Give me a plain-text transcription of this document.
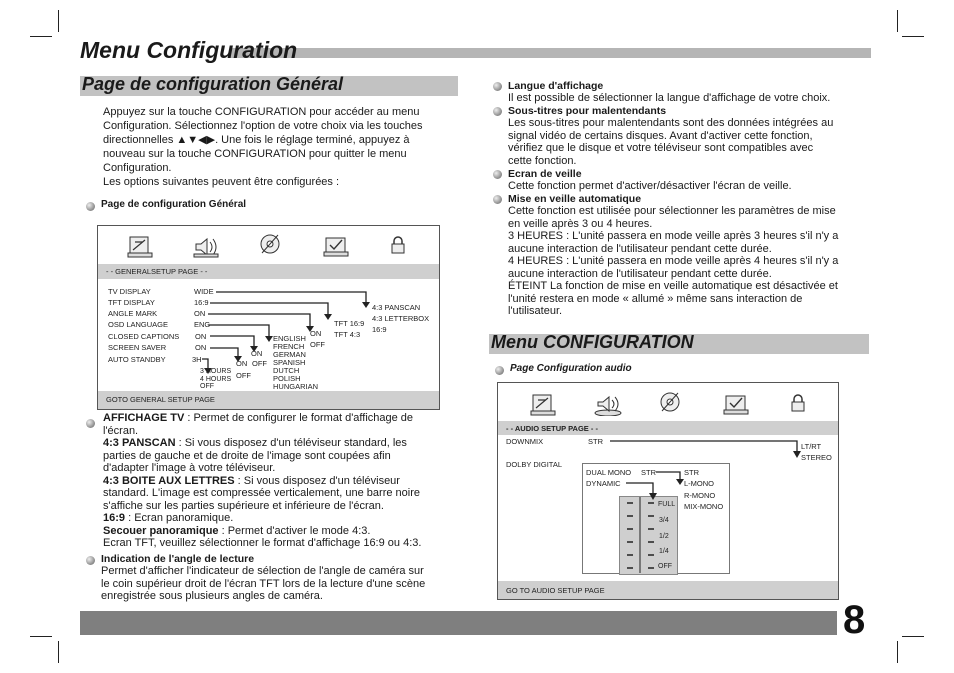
Menu Configuration
Page de configuration Général
Appuyez sur la touche CONFIGURATION pour accéder au menu
Configuration. Sélectionnez l'option de votre choix via les touches
directionnelles ▲▼◀▶. Une fois le réglage terminé, appuyez à
nouveau sur la touche CONFIGURATION pour quitter le menu
Configuration.
Les options suivantes peuvent être configurées :
Page de configuration Général
- - GENERALSETUP PAGE - -
TV DISPLAY
TFT DISPLAY
ANGLE MARK
OSD LANGUAGE
CLOSED CAPTIONS
SCREEN SAVER
AUTO STANDBY
WIDE
16:9
ON
ENG
ON
ON
3H
4:3 PANSCAN
4:3 LETTERBOX
16:9
TFT 16:9
TFT 4:3
ON
OFF
ENGLISH
FRENCH
GERMAN
SPANISH
DUTCH
POLISH
HUNGARIAN
ON
OFF
ON
OFF
3 HOURS
4 HOURS
OFF
GOTO GENERAL SETUP PAGE
AFFICHAGE TV : Permet de configurer le format d'affichage de
l'écran.
4:3 PANSCAN : Si vous disposez d'un téléviseur standard, les
parties de gauche et de droite de l'image sont coupées afin
d'adapter l'image à votre téléviseur.
4:3 BOITE AUX LETTRES : Si vous disposez d'un téléviseur
standard. L'image est compressée verticalement, une barre noire
s'affiche sur les parties supérieure et inférieure de l'écran.
16:9 : Ecran panoramique.
Secouer panoramique : Permet d'activer le mode 4:3.
Ecran TFT, veuillez sélectionner le format d'affichage 16:9 ou 4:3.
Indication de l'angle de lecture
Permet d'afficher l'indicateur de sélection de l'angle de caméra sur
le coin supérieur droit de l'écran TFT lors de la lecture d'une scène
enregistrée sous plusieurs angles de caméra.
Langue d'affichage
Il est possible de sélectionner la langue d'affichage de votre choix.
Sous-titres pour malentendants
Les sous-titres pour malentendants sont des données intégrées au
signal vidéo de certains disques. Avant d'activer cette fonction,
vérifiez que le disque et votre téléviseur sont compatibles avec
cette fonction.
Ecran de veille
Cette fonction permet d'activer/désactiver l'écran de veille.
Mise en veille automatique
Cette fonction est utilisée pour sélectionner les paramètres de mise
en veille après 3 ou 4 heures.
3 HEURES : L'unité passera en mode veille après 3 heures s'il n'y a
aucune interaction de l'utilisateur pendant cette durée.
4 HEURES : L'unité passera en mode veille après 4 heures s'il n'y a
aucune interaction de l'utilisateur pendant cette durée.
ÉTEINT La fonction de mise en veille automatique est désactivée et
l'unité restera en mode « allumé » même sans interaction de
l'utilisateur.
Menu CONFIGURATION
Page Configuration audio
- - AUDIO SETUP PAGE - -
DOWNMIX	STR
LT/RT
STEREO
DOLBY DIGITAL
DUAL MONO STR
DYNAMIC
STR
L-MONO
R-MONO
MIX-MONO
FULL
3/4
1/2
1/4
OFF
GO TO AUDIO SETUP PAGE
8
